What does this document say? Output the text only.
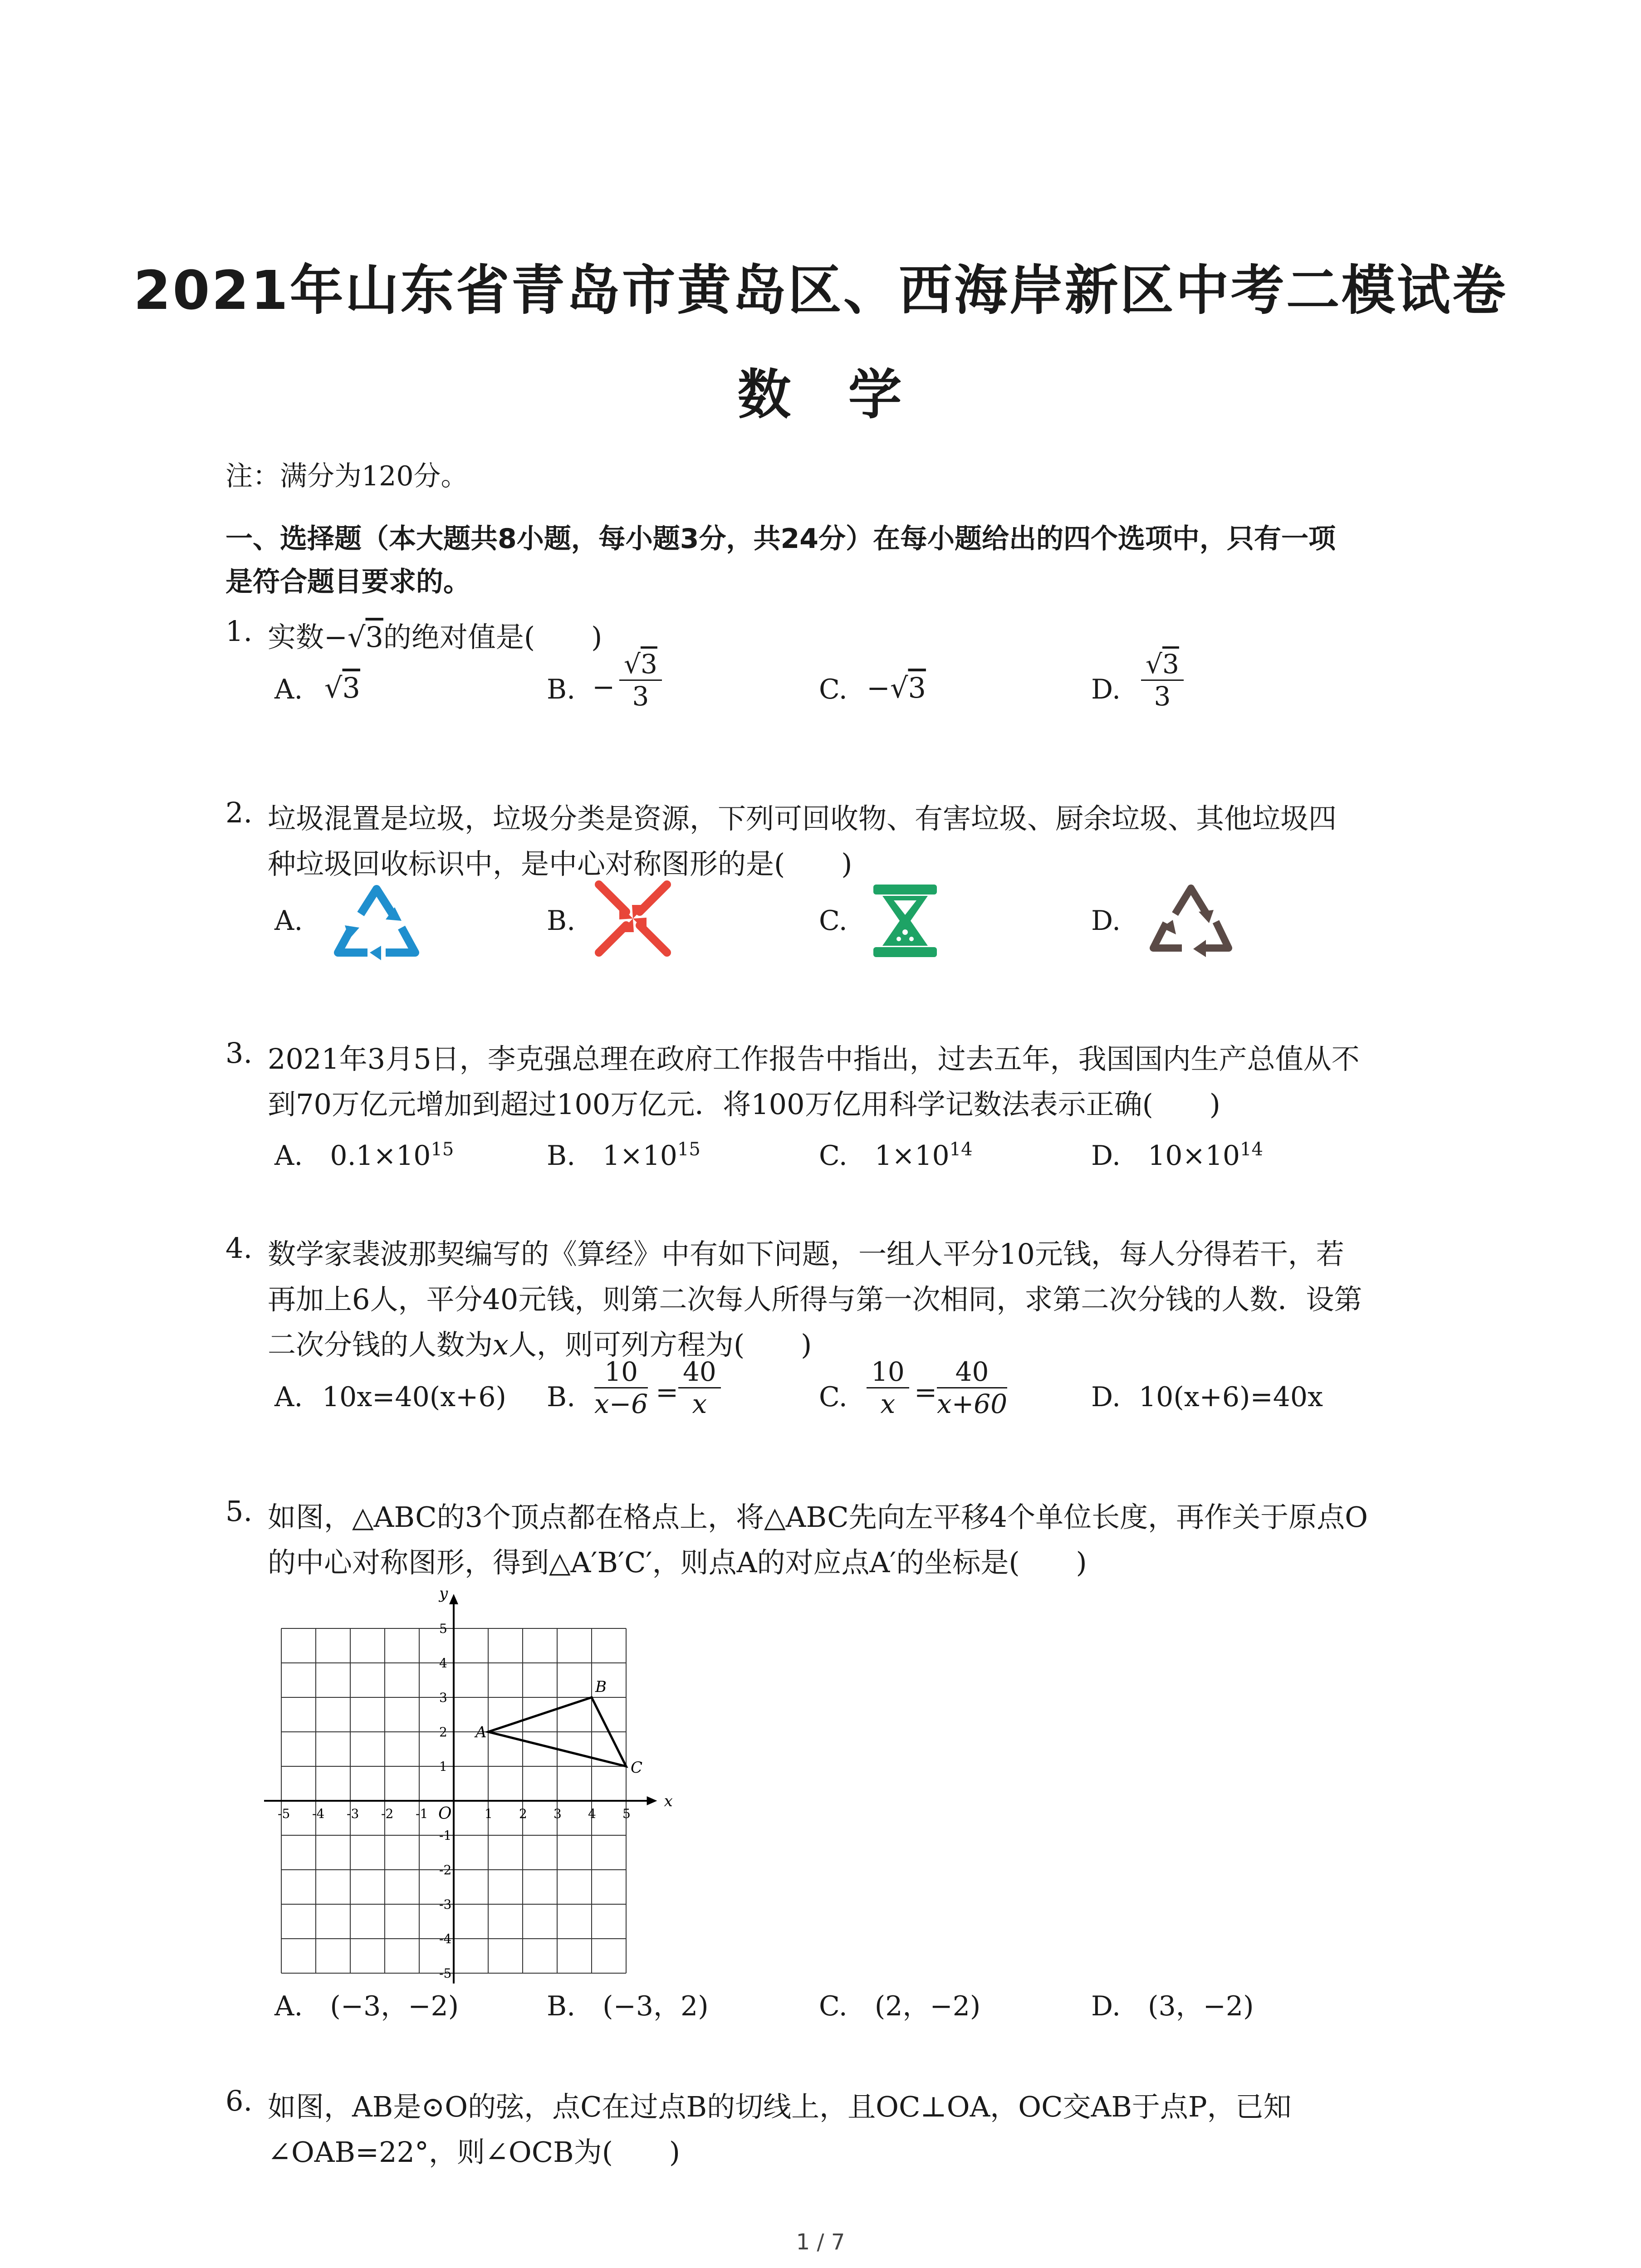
2021年山东省青岛市黄岛区、西海岸新区中考二模试卷
数　学
注：满分为120分。
一、选择题（本大题共8小题，每小题3分，共24分）在每小题给出的四个选项中，只有一项
是符合题目要求的。
1. 实数−√3的绝对值是(　　)
A. √3	B. − $\frac{√3}{3}$	C. −√3	D. $\frac{√3}{3}$
2. 垃圾混置是垃圾，垃圾分类是资源，下列可回收物、有害垃圾、厨余垃圾、其他垃圾四
种垃圾回收标识中，是中心对称图形的是(　　)
A.	B.	C.	D.
3. 2021年3月5日，李克强总理在政府工作报告中指出，过去五年，我国国内生产总值从不
到70万亿元增加到超过100万亿元．将100万亿用科学记数法表示正确(　　)
A.　 $0.1\times 10^{15}$	B.　 $1\times 10^{15}$	C.　 $1\times 10^{14}$	D.　 $10\times 10^{14}$
4. 数学家裴波那契编写的《算经》中有如下问题，一组人平分10元钱，每人分得若干，若
再加上6人，平分40元钱，则第二次每人所得与第一次相同，求第二次分钱的人数．设第
二次分钱的人数为x人，则可列方程为(　　)
A. 10x=40(x+6) B. $\frac{10}{x-6} = \frac{40}{x}$	C. $\frac{10}{x} = \frac{40}{x+60}$	D. 10(x+6)=40x
5. 如图，△ABC的3个顶点都在格点上，将△ABC先向左平移4个单位长度，再作关于原点O
的中心对称图形，得到△A′B′C′，则点A的对应点A′的坐标是(　　)
x
y
O
-5 -4 -3 -2 -1	1 2 3 4 5
5
4
3
2
1
-1
-2
-3
-4
-5
A
B
C
A.　 (−3，−2)	B.　 (−3，2)	C.　 (2，−2)	D.　 (3，−2)
6. 如图，AB是⊙O的弦，点C在过点B的切线上，且OC⊥OA，OC交AB于点P，已知
∠OAB=22°，则∠OCB为(　　)
1 / 7
